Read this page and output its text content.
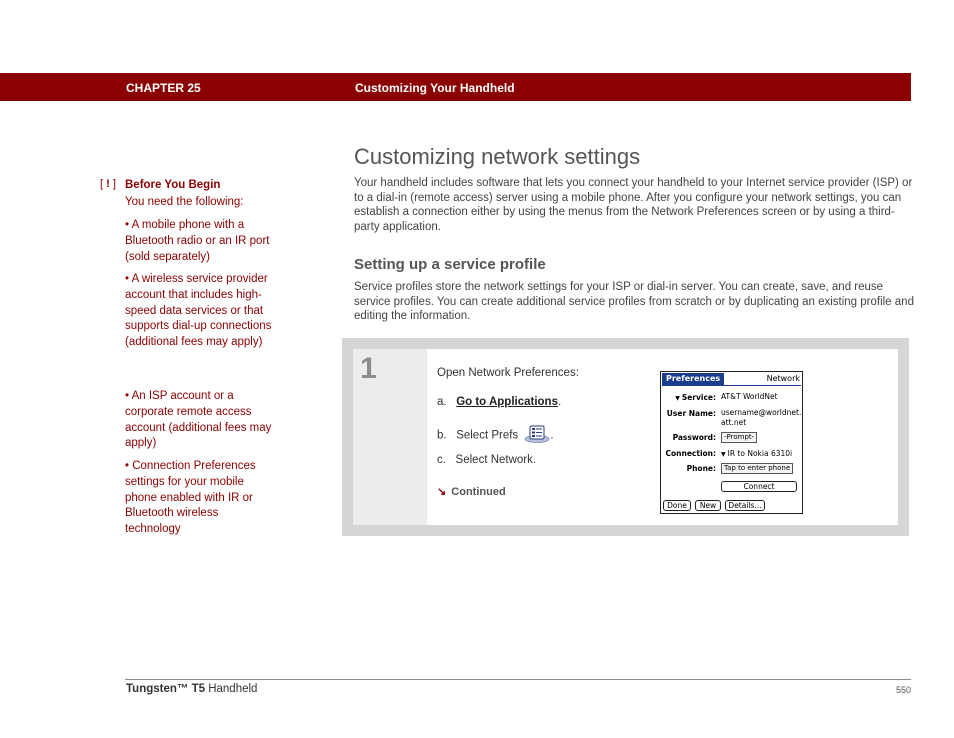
CHAPTER 25	Customizing Your Handheld
[ ! ] Before You Begin
You need the following:
• A mobile phone with a Bluetooth radio or an IR port (sold separately)
• A wireless service provider account that includes high-speed data services or that supports dial-up connections (additional fees may apply)
• An ISP account or a corporate remote access account (additional fees may apply)
• Connection Preferences settings for your mobile phone enabled with IR or Bluetooth wireless technology
Customizing network settings

Your handheld includes software that lets you connect your handheld to your Internet service provider (ISP) or to a dial-in (remote access) server using a mobile phone. After you configure your network settings, you can establish a connection either by using the menus from the Network Preferences screen or by using a third-party application.

Setting up a service profile

Service profiles store the network settings for your ISP or dial-in server. You can create, save, and reuse service profiles. You can create additional service profiles from scratch or by duplicating an existing profile and editing the information.

1	Open Network Preferences:
a. Go to Applications.
b. Select Prefs	.
c. Select Network.
↘ Continued
Preferences	Network
▼ Service: AT&T WorldNet
User Name: username@worldnet.
att.net
Password:	-Prompt-
Connection: ▼ IR to Nokia 6310i
Phone:	Tap to enter phone
Connect
Done	New	Details...
Tungsten™ T5 Handheld	550
